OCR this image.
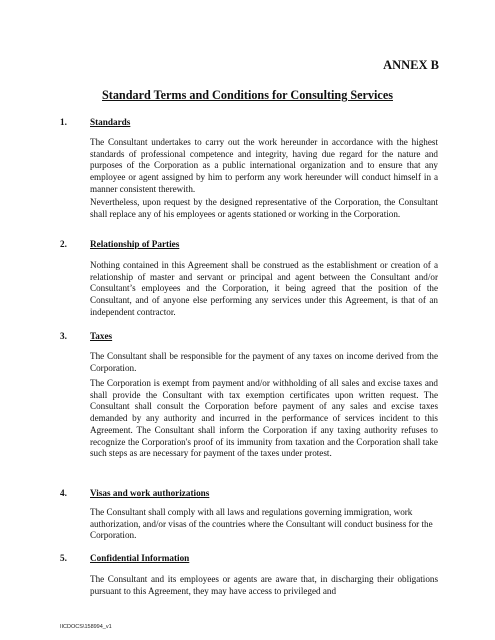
ANNEX B
Standard Terms and Conditions for Consulting Services
1.	Standards

The Consultant undertakes to carry out the work hereunder in accordance with the highest standards of professional competence and integrity, having due regard for the nature and purposes of the Corporation as a public international organization and to ensure that any employee or agent assigned by him to perform any work hereunder will conduct himself in a manner consistent therewith.

Nevertheless, upon request by the designed representative of the Corporation, the Consultant shall replace any of his employees or agents stationed or working in the Corporation.

2.	Relationship of Parties

Nothing contained in this Agreement shall be construed as the establishment or creation of a relationship of master and servant or principal and agent between the Consultant and/or Consultant’s employees and the Corporation, it being agreed that the position of the Consultant, and of anyone else performing any services under this Agreement, is that of an independent contractor.

3.	Taxes

The Consultant shall be responsible for the payment of any taxes on income derived from the Corporation.

The Corporation is exempt from payment and/or withholding of all sales and excise taxes and shall provide the Consultant with tax exemption certificates upon written request. The Consultant shall consult the Corporation before payment of any sales and excise taxes demanded by any authority and incurred in the performance of services incident to this Agreement. The Consultant shall inform the Corporation if any taxing authority refuses to recognize the Corporation's proof of its immunity from taxation and the Corporation shall take such steps as are necessary for payment of the taxes under protest.

4.	Visas and work authorizations

The Consultant shall comply with all laws and regulations governing immigration, work authorization, and/or visas of the countries where the Consultant will conduct business for the Corporation.

5.	Confidential Information

The Consultant and its employees or agents are aware that, in discharging their obligations pursuant to this Agreement, they may have access to privileged and

IICDOCS\158994_v1
